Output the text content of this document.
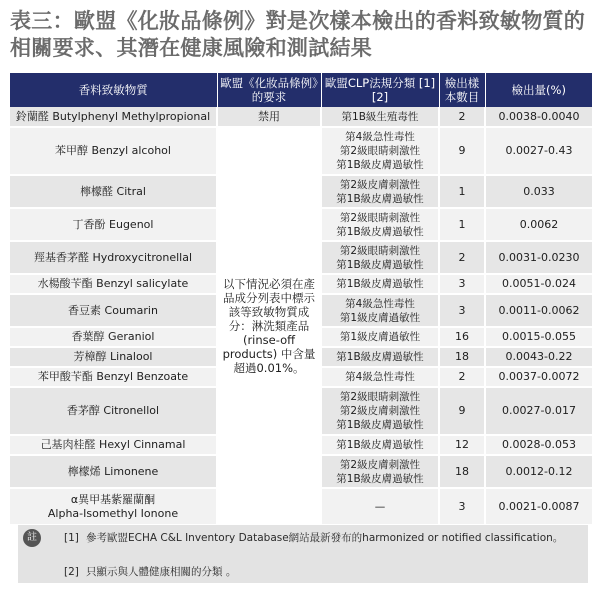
表三：歐盟《化妝品條例》對是次樣本檢出的香料致敏物質的相關要求、其潛在健康風險和測試結果
香料致敏物質	歐盟《化妝品條例》的要求	歐盟CLP法規分類 [1] [2]	檢出樣本數目	檢出量(%)
鈴蘭醛 Butylphenyl Methylpropional	禁用	第1B級生殖毒性	2	0.0038-0.0040
苯甲醇 Benzyl alcohol	以下情況必須在產品成分列表中標示該等致敏物質成分：淋洗類產品 (rinse-off products) 中含量超過0.01%。	第4級急性毒性
第2級眼睛刺激性
第1B級皮膚過敏性	9	0.0027-0.43
檸檬醛 Citral		第2級皮膚刺激性
第1B級皮膚過敏性	1	0.033
丁香酚 Eugenol		第2級眼睛刺激性
第1B級皮膚過敏性	1	0.0062
羥基香茅醛 Hydroxycitronellal		第2級眼睛刺激性
第1B級皮膚過敏性	2	0.0031-0.0230
水楊酸苄酯 Benzyl salicylate		第1B級皮膚過敏性	3	0.0051-0.024
香豆素 Coumarin		第4級急性毒性
第1級皮膚過敏性	3	0.0011-0.0062
香葉醇 Geraniol		第1級皮膚過敏性	16	0.0015-0.055
芳樟醇 Linalool		第1B級皮膚過敏性	18	0.0043-0.22
苯甲酸苄酯 Benzyl Benzoate		第4級急性毒性	2	0.0037-0.0072
香茅醇 Citronellol		第2級眼睛刺激性
第2級皮膚刺激性
第1B級皮膚過敏性	9	0.0027-0.017
己基肉桂醛 Hexyl Cinnamal		第1B級皮膚過敏性	12	0.0028-0.053
檸檬烯 Limonene		第2級皮膚刺激性
第1B級皮膚過敏性	18	0.0012-0.12
α異甲基紫羅蘭酮
Alpha-Isomethyl Ionone		—	3	0.0021-0.0087
註	[1] 參考歐盟ECHA C&L Inventory Database網站最新發布的harmonized or notified classification。
[2] 只顯示與人體健康相關的分類 。
